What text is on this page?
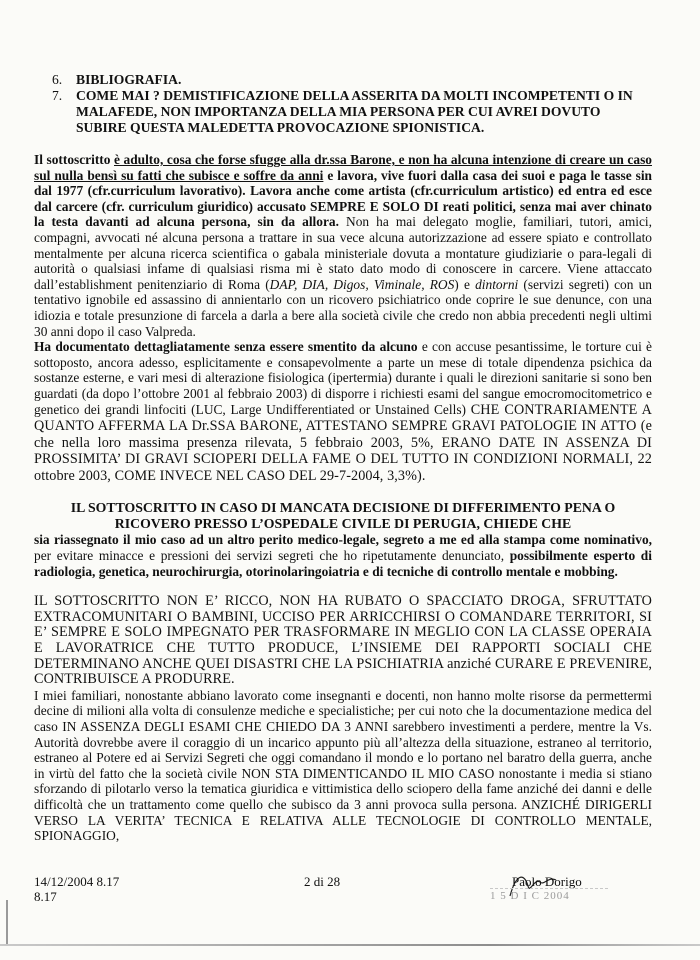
6.	BIBLIOGRAFIA.
7.	COME MAI ? DEMISTIFICAZIONE DELLA ASSERITA DA MOLTI INCOMPETENTI O IN MALAFEDE, NON IMPORTANZA DELLA MIA PERSONA PER CUI AVREI DOVUTO SUBIRE QUESTA MALEDETTA PROVOCAZIONE SPIONISTICA.

Il sottoscritto è adulto, cosa che forse sfugge alla dr.ssa Barone, e non ha alcuna intenzione di creare un caso sul nulla bensì su fatti che subisce e soffre da anni e lavora, vive fuori dalla casa dei suoi e paga le tasse sin dal 1977 (cfr.curriculum lavorativo). Lavora anche come artista (cfr.curriculum artistico) ed entra ed esce dal carcere (cfr. curriculum giuridico) accusato SEMPRE E SOLO DI reati politici, senza mai aver chinato la testa davanti ad alcuna persona, sin da allora. Non ha mai delegato moglie, familiari, tutori, amici, compagni, avvocati né alcuna persona a trattare in sua vece alcuna autorizzazione ad essere spiato e controllato mentalmente per alcuna ricerca scientifica o gabala ministeriale dovuta a montature giudiziarie o para-legali di autorità o qualsiasi infame di qualsiasi risma mi è stato dato modo di conoscere in carcere. Viene attaccato dall’establishment penitenziario di Roma (DAP, DIA, Digos, Viminale, ROS) e dintorni (servizi segreti) con un tentativo ignobile ed assassino di annientarlo con un ricovero psichiatrico onde coprire le sue denunce, con una idiozia e totale presunzione di farcela a darla a bere alla società civile che credo non abbia precedenti negli ultimi 30 anni dopo il caso Valpreda.

Ha documentato dettagliatamente senza essere smentito da alcuno e con accuse pesantissime, le torture cui è sottoposto, ancora adesso, esplicitamente e consapevolmente a parte un mese di totale dipendenza psichica da sostanze esterne, e vari mesi di alterazione fisiologica (ipertermia) durante i quali le direzioni sanitarie si sono ben guardati (da dopo l’ottobre 2001 al febbraio 2003) di disporre i richiesti esami del sangue emocromocitometrico e genetico dei grandi linfociti (LUC, Large Undifferentiated or Unstained Cells) CHE CONTRARIAMENTE A QUANTO AFFERMA LA Dr.SSA BARONE, ATTESTANO SEMPRE GRAVI PATOLOGIE IN ATTO (e che nella loro massima presenza rilevata, 5 febbraio 2003, 5%, ERANO DATE IN ASSENZA DI PROSSIMITA’ DI GRAVI SCIOPERI DELLA FAME O DEL TUTTO IN CONDIZIONI NORMALI, 22 ottobre 2003, COME INVECE NEL CASO DEL 29-7-2004, 3,3%).

IL SOTTOSCRITTO IN CASO DI MANCATA DECISIONE DI DIFFERIMENTO PENA O RICOVERO PRESSO L’OSPEDALE CIVILE DI PERUGIA, CHIEDE CHE

sia riassegnato il mio caso ad un altro perito medico-legale, segreto a me ed alla stampa come nominativo, per evitare minacce e pressioni dei servizi segreti che ho ripetutamente denunciato, possibilmente esperto di radiologia, genetica, neurochirurgia, otorinolaringoiatria e di tecniche di controllo mentale e mobbing.

IL SOTTOSCRITTO NON E’ RICCO, NON HA RUBATO O SPACCIATO DROGA, SFRUTTATO EXTRACOMUNITARI O BAMBINI, UCCISO PER ARRICCHIRSI O COMANDARE TERRITORI, SI E’ SEMPRE E SOLO IMPEGNATO PER TRASFORMARE IN MEGLIO CON LA CLASSE OPERAIA E LAVORATRICE CHE TUTTO PRODUCE, L’INSIEME DEI RAPPORTI SOCIALI CHE DETERMINANO ANCHE QUEI DISASTRI CHE LA PSICHIATRIA anziché CURARE E PREVENIRE, CONTRIBUISCE A PRODURRE.

I miei familiari, nonostante abbiano lavorato come insegnanti e docenti, non hanno molte risorse da permettermi decine di milioni alla volta di consulenze mediche e specialistiche; per cui noto che la documentazione medica del caso IN ASSENZA DEGLI ESAMI CHE CHIEDO DA 3 ANNI sarebbero investimenti a perdere, mentre la Vs. Autorità dovrebbe avere il coraggio di un incarico appunto più all’altezza della situazione, estraneo al territorio, estraneo al Potere ed ai Servizi Segreti che oggi comandano il mondo e lo portano nel baratro della guerra, anche in virtù del fatto che la società civile NON STA DIMENTICANDO IL MIO CASO nonostante i media si stiano sforzando di pilotarlo verso la tematica giuridica e vittimistica dello sciopero della fame anziché dei danni e delle difficoltà che un trattamento come quello che subisco da 3 anni provoca sulla persona. ANZICHÉ DIRIGERLI VERSO LA VERITA’ TECNICA E RELATIVA ALLE TECNOLOGIE DI CONTROLLO MENTALE, SPIONAGGIO,

14/12/2004 8.17
8.17
2 di 28	Paolo Dorigo
1 5 D I C 2004
